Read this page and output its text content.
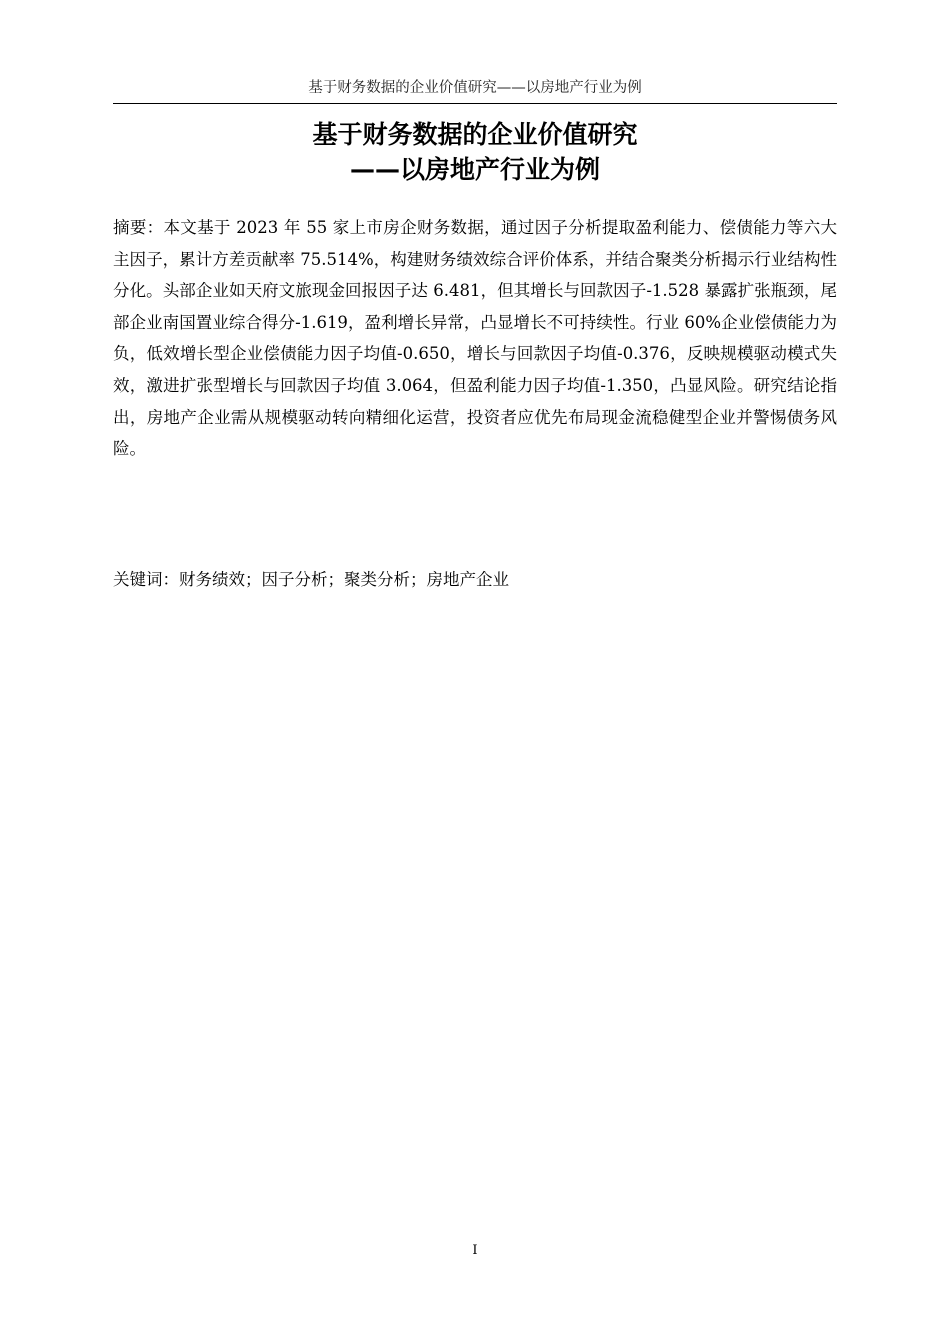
基于财务数据的企业价值研究——以房地产行业为例
基于财务数据的企业价值研究
——以房地产行业为例
摘要：本文基于 2023 年 55 家上市房企财务数据，通过因子分析提取盈利能力、偿债能力等六大主因子，累计方差贡献率 75.514%，构建财务绩效综合评价体系，并结合聚类分析揭示行业结构性分化。头部企业如天府文旅现金回报因子达 6.481，但其增长与回款因子-1.528 暴露扩张瓶颈，尾部企业南国置业综合得分-1.619，盈利增长异常，凸显增长不可持续性。行业 60%企业偿债能力为负，低效增长型企业偿债能力因子均值-0.650，增长与回款因子均值-0.376，反映规模驱动模式失效，激进扩张型增长与回款因子均值 3.064，但盈利能力因子均值-1.350，凸显风险。研究结论指出，房地产企业需从规模驱动转向精细化运营，投资者应优先布局现金流稳健型企业并警惕债务风险。
关键词：财务绩效；因子分析；聚类分析；房地产企业
I
